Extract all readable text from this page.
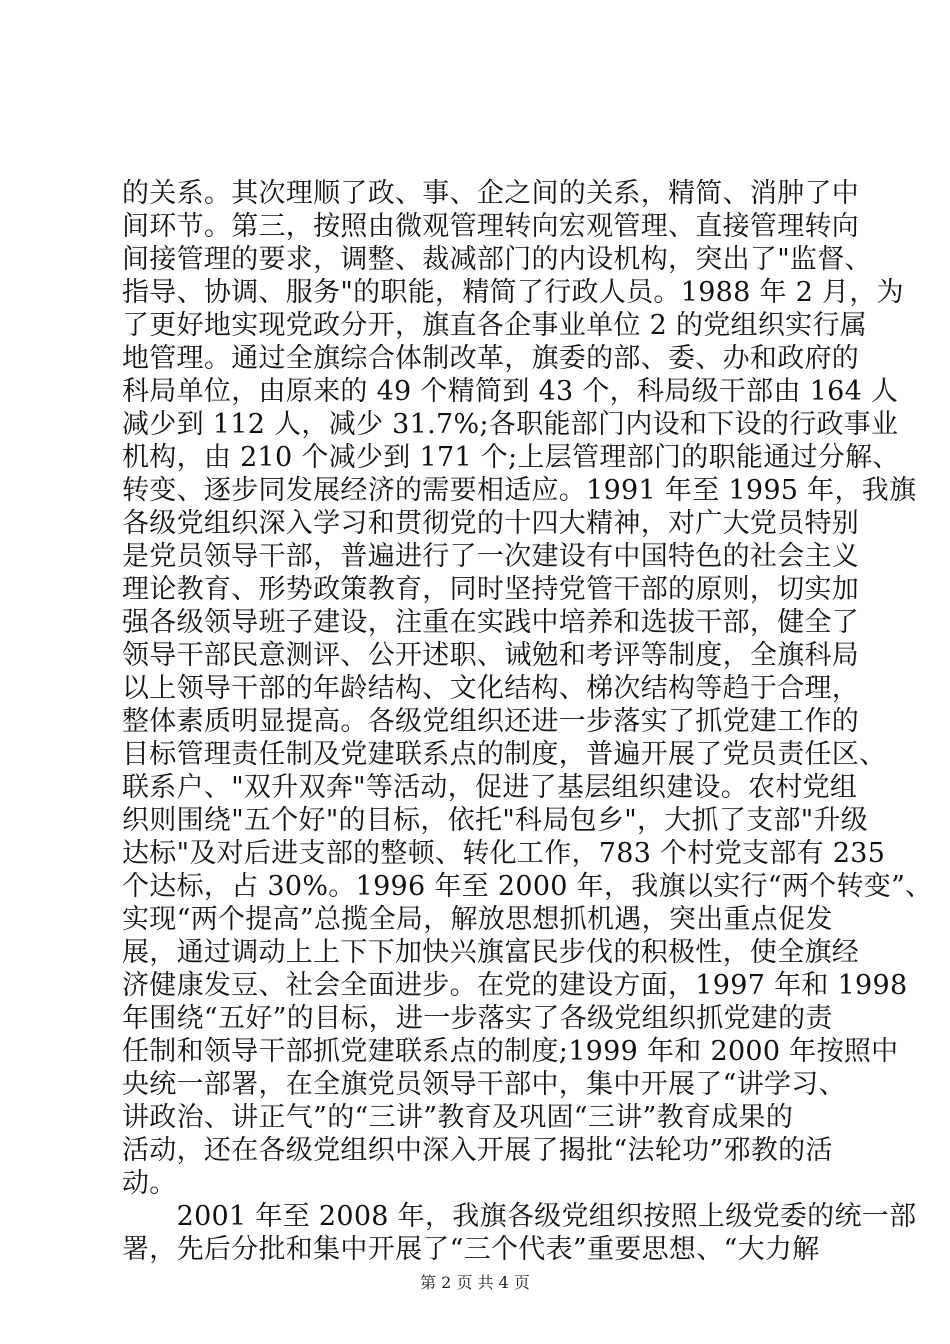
的关系。其次理顺了政、事、企之间的关系，精简、消肿了中
间环节。第三，按照由微观管理转向宏观管理、直接管理转向
间接管理的要求，调整、裁减部门的内设机构，突出了"监督、
指导、协调、服务"的职能，精简了行政人员。1988 年 2 月，为
了更好地实现党政分开，旗直各企事业单位 2 的党组织实行属
地管理。通过全旗综合体制改革，旗委的部、委、办和政府的
科局单位，由原来的 49 个精简到 43 个，科局级干部由 164 人
减少到 112 人，减少 31.7%;各职能部门内设和下设的行政事业
机构，由 210 个减少到 171 个;上层管理部门的职能通过分解、
转变、逐步同发展经济的需要相适应。1991 年至 1995 年，我旗
各级党组织深入学习和贯彻党的十四大精神，对广大党员特别
是党员领导干部，普遍进行了一次建设有中国特色的社会主义
理论教育、形势政策教育，同时坚持党管干部的原则，切实加
强各级领导班子建设，注重在实践中培养和选拔干部，健全了
领导干部民意测评、公开述职、诫勉和考评等制度，全旗科局
以上领导干部的年龄结构、文化结构、梯次结构等趋于合理，
整体素质明显提高。各级党组织还进一步落实了抓党建工作的
目标管理责任制及党建联系点的制度，普遍开展了党员责任区、
联系户、"双升双奔"等活动，促进了基层组织建设。农村党组
织则围绕"五个好"的目标，依托"科局包乡"，大抓了支部"升级
达标"及对后进支部的整顿、转化工作，783 个村党支部有 235
个达标，占 30%。1996 年至 2000 年，我旗以实行“两个转变”、
实现“两个提高”总揽全局，解放思想抓机遇，突出重点促发
展，通过调动上上下下加快兴旗富民步伐的积极性，使全旗经
济健康发豆、社会全面进步。在党的建设方面，1997 年和 1998
年围绕“五好”的目标，进一步落实了各级党组织抓党建的责
任制和领导干部抓党建联系点的制度;1999 年和 2000 年按照中
央统一部署，在全旗党员领导干部中，集中开展了“讲学习、
讲政治、讲正气”的“三讲”教育及巩固“三讲”教育成果的
活动，还在各级党组织中深入开展了揭批“法轮功”邪教的活
动。
　　2001 年至 2008 年，我旗各级党组织按照上级党委的统一部
署，先后分批和集中开展了“三个代表”重要思想、“大力解
第 2 页 共 4 页
